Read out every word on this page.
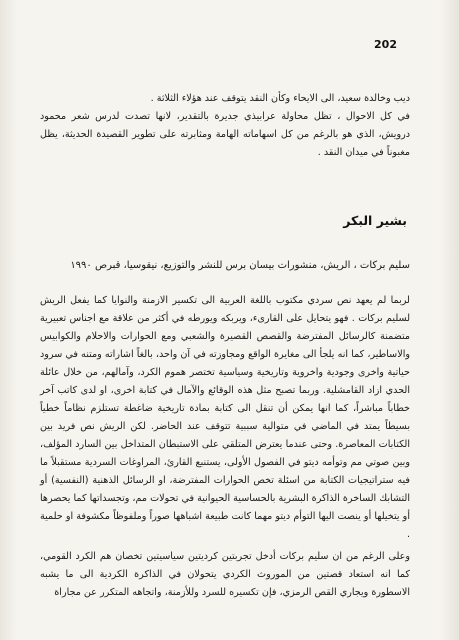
202

ديب وخالدة سعيد، الى الايحاء وكأن النقد يتوقف عند هؤلاء الثلاثة .

في كل الاحوال ، تظل محاولة عرابيذي جديرة بالتقدير، لانها تصدت لدرس شعر محمود درويش، الذي هو بالرغم من كل اسهاماته الهامة ومثابرته على تطوير القصيدة الحديثة، يظل مغبوناً في ميدان النقد .

بشير البكر
سليم بركات ، الريش، منشورات بيسان برس للنشر والتوزيع، نيقوسيا، قبرص ١٩٩٠

لربما لم يعهد نص سردي مكتوب باللغة العربية الى تكسير الازمنة والنوايا كما يفعل الريش لسليم بركات . فهو يتحايل على القارىء، ويربكه ويورطه في أكثر من علاقة مع اجناس تعبيرية متضمنة كالرسائل المفترضة والقصص القصيرة والشعبي ومع الحوارات والاحلام والكوابيس والاساطير، كما انه يلجأ الى مغايرة الواقع ومجاوزته في آن واحد، بالغاً اشاراته ومتنه في سرود حياتية واخرى وجودية واخروية وتاريخية وسياسية تختصر هموم الكرد، وآمالهم، من خلال عائلة الحدي ازاد القامشلية. وربما تصبح مثل هذه الوقائع والآمال في كتابة اخرى، او لدى كاتب آخر خطاباً مباشراً، كما انها يمكن أن تنقل الى كتابة بمادة تاريخية ضاغطة تستلزم نظاماً خطياً بسيطاً يمتد في الماضي في متوالية سببية تتوقف عند الحاضر. لكن الريش نص فريد بين الكتابات المعاصرة. وحتى عندما يعترض المتلقي على الاستبطان المتداخل بين السارد المؤلف، وبين صوتي مم وتوأمه ديتو في الفصول الأولى، يستنبع القارئ، المراوغات السردية مستقبلاً ما فيه ستراتيجيات الكتابة من اسئلة تخص الحوارات المفترضة، او الرسائل الذهنية (النفسية) أو التشابك الساخرة الذاكرة البشرية بالحساسية الحيوانية في تحولات مم، وتجسداتها كما يحصرها أو يتخيلها أو ينصت اليها التوأم ديتو مهما كانت طبيعة اشباهها صوراً وملفوظاً مكشوفة او حلمية .

وعلى الرغم من ان سليم بركات أدخل تجربتين كرديتين سياسيتين تخصان هم الكرد القومي، كما انه استعاد قصتين من الموروث الكردي يتحولان في الذاكرة الكردية الى ما يشبه الاسطورة ويجاري القص الرمزي، فإن تكسيره للسرد وللأزمنة، واتجاهه المتكرر عن مجاراة
